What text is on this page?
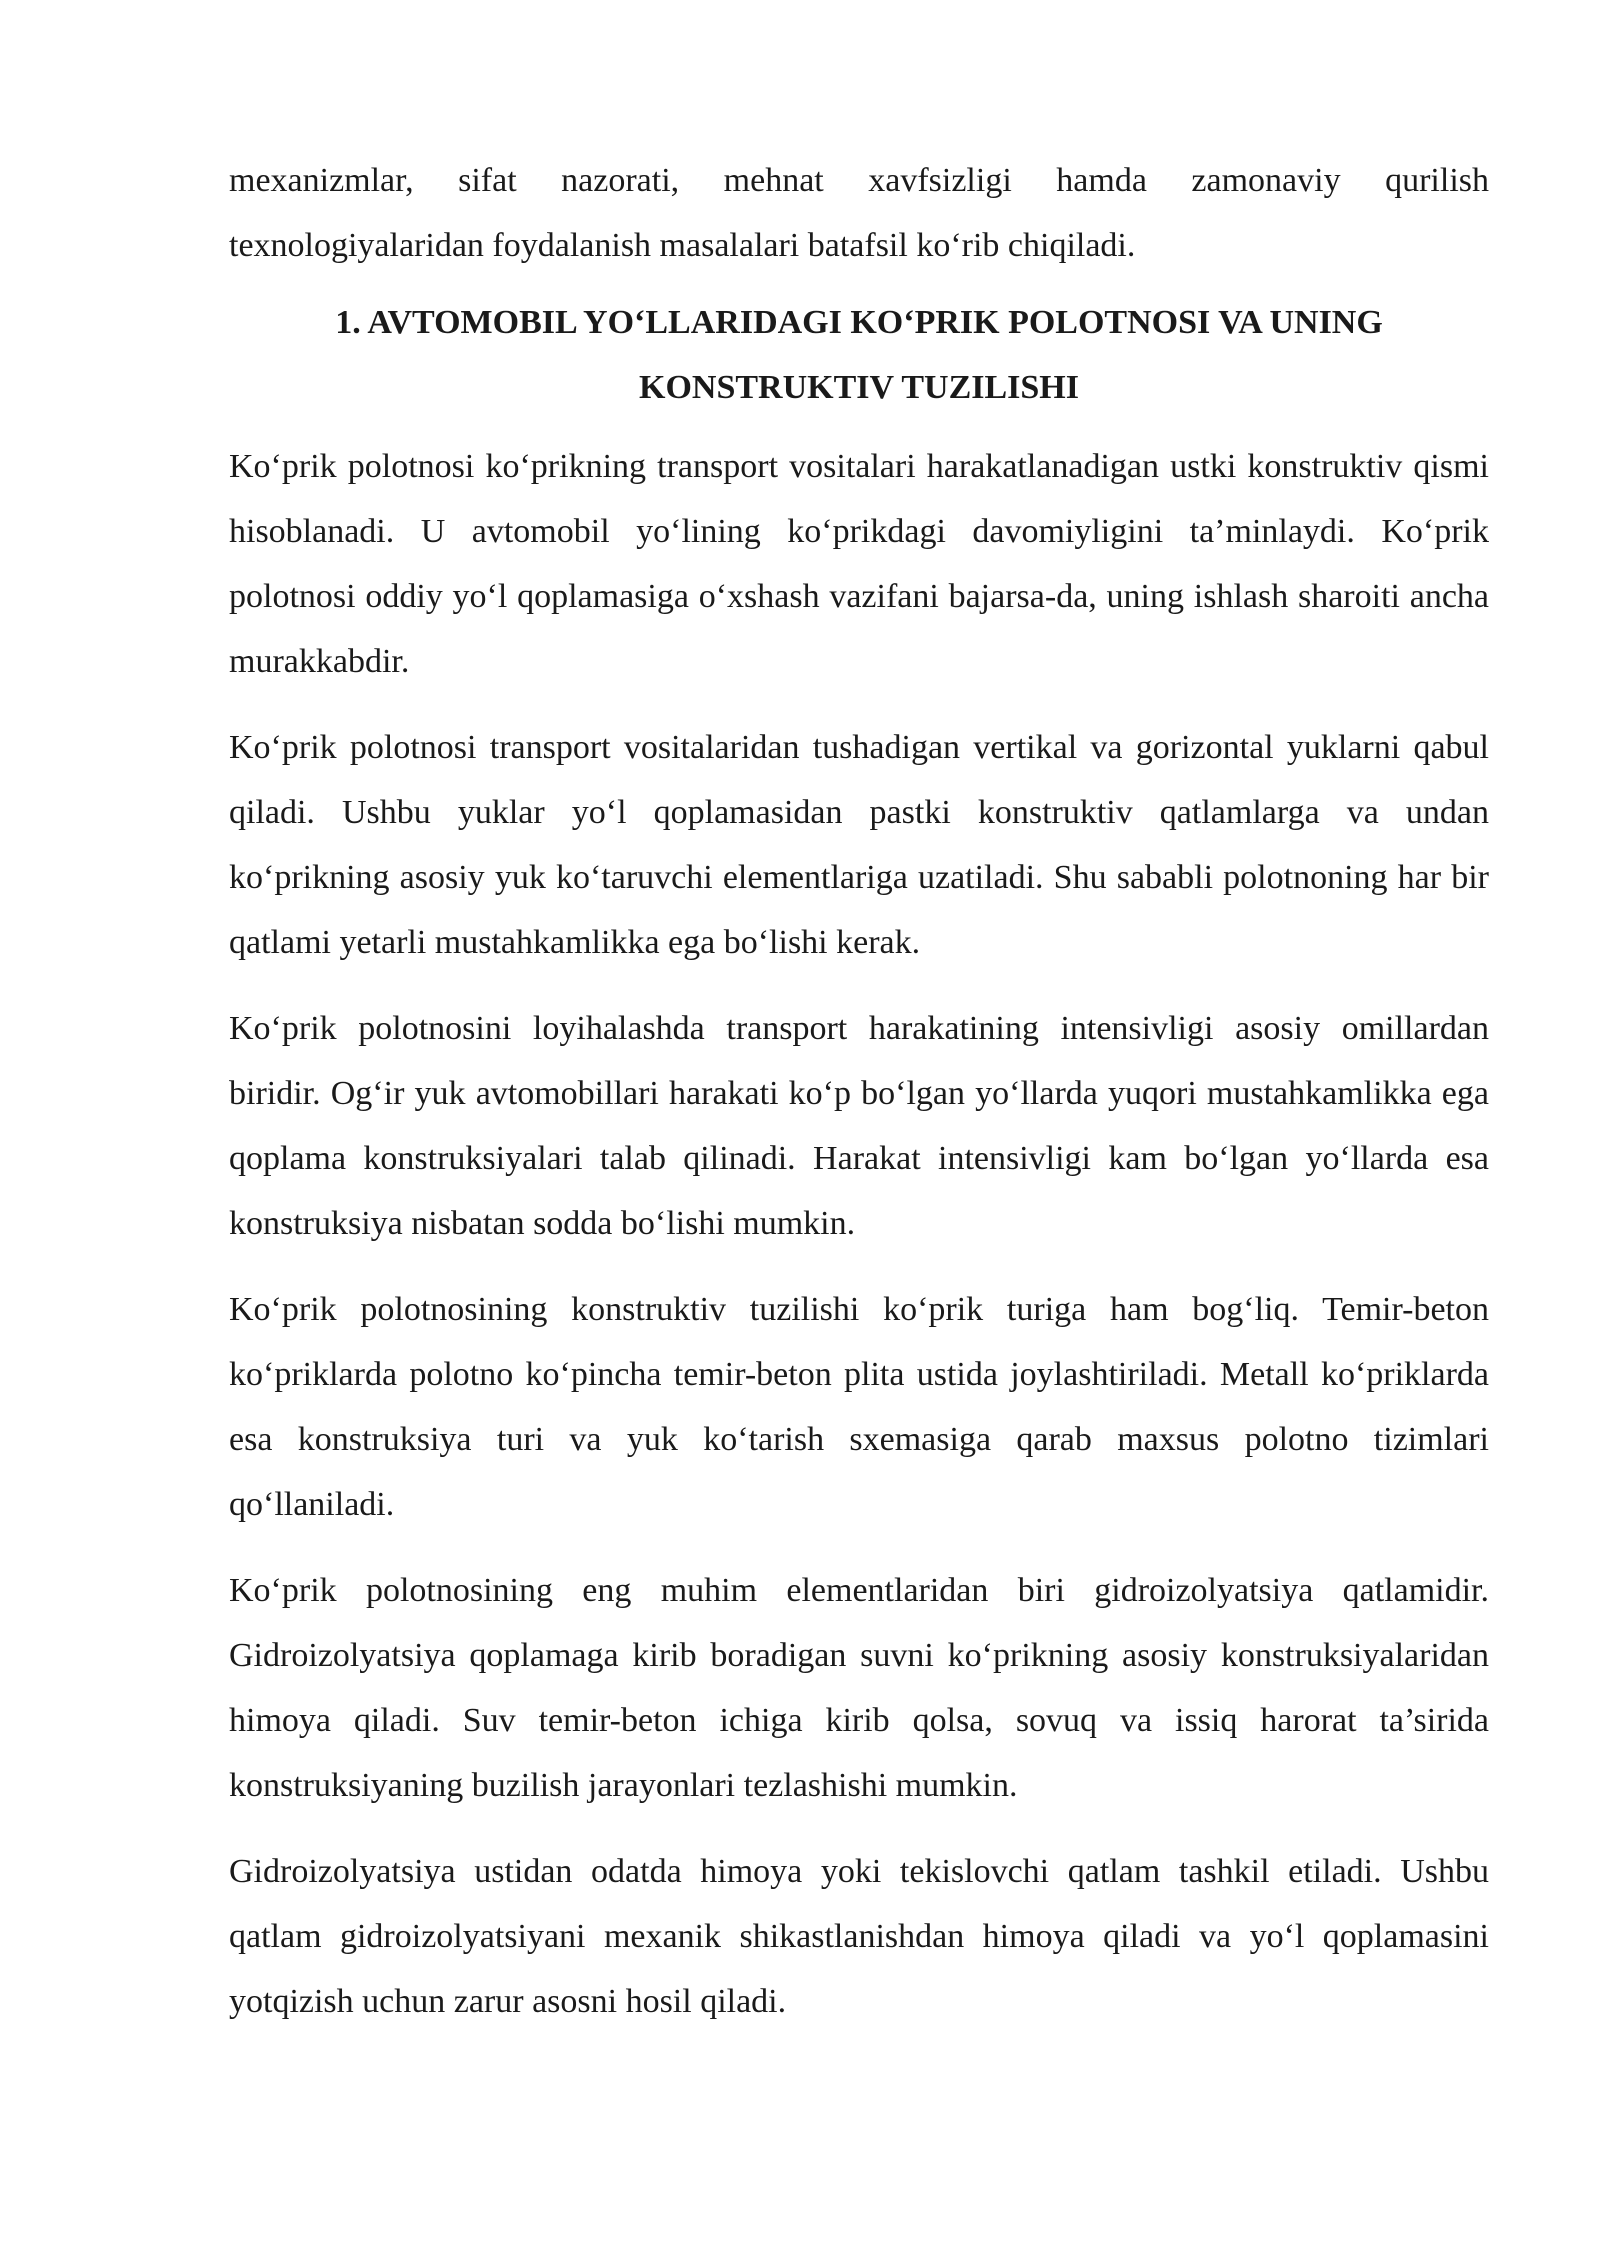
mexanizmlar, sifat nazorati, mehnat xavfsizligi hamda zamonaviy qurilish texnologiyalaridan foydalanish masalalari batafsil koʻrib chiqiladi.

1. AVTOMOBIL YOʻLLARIDAGI KOʻPRIK POLOTNOSI VA UNING KONSTRUKTIV TUZILISHI

Koʻprik polotnosi koʻprikning transport vositalari harakatlanadigan ustki konstruktiv qismi hisoblanadi. U avtomobil yoʻlining koʻprikdagi davomiyligini ta’minlaydi. Koʻprik polotnosi oddiy yoʻl qoplamasiga oʻxshash vazifani bajarsa-da, uning ishlash sharoiti ancha murakkabdir.

Koʻprik polotnosi transport vositalaridan tushadigan vertikal va gorizontal yuklarni qabul qiladi. Ushbu yuklar yoʻl qoplamasidan pastki konstruktiv qatlamlarga va undan koʻprikning asosiy yuk koʻtaruvchi elementlariga uzatiladi. Shu sababli polotnoning har bir qatlami yetarli mustahkamlikka ega boʻlishi kerak.

Koʻprik polotnosini loyihalashda transport harakatining intensivligi asosiy omillardan biridir. Ogʻir yuk avtomobillari harakati koʻp boʻlgan yoʻllarda yuqori mustahkamlikka ega qoplama konstruksiyalari talab qilinadi. Harakat intensivligi kam boʻlgan yoʻllarda esa konstruksiya nisbatan sodda boʻlishi mumkin.

Koʻprik polotnosining konstruktiv tuzilishi koʻprik turiga ham bogʻliq. Temir-beton koʻpriklarda polotno koʻpincha temir-beton plita ustida joylashtiriladi. Metall koʻpriklarda esa konstruksiya turi va yuk koʻtarish sxemasiga qarab maxsus polotno tizimlari qoʻllaniladi.

Koʻprik polotnosining eng muhim elementlaridan biri gidroizolyatsiya qatlamidir. Gidroizolyatsiya qoplamaga kirib boradigan suvni koʻprikning asosiy konstruksiyalaridan himoya qiladi. Suv temir-beton ichiga kirib qolsa, sovuq va issiq harorat ta’sirida konstruksiyaning buzilish jarayonlari tezlashishi mumkin.

Gidroizolyatsiya ustidan odatda himoya yoki tekislovchi qatlam tashkil etiladi. Ushbu qatlam gidroizolyatsiyani mexanik shikastlanishdan himoya qiladi va yoʻl qoplamasini yotqizish uchun zarur asosni hosil qiladi.
